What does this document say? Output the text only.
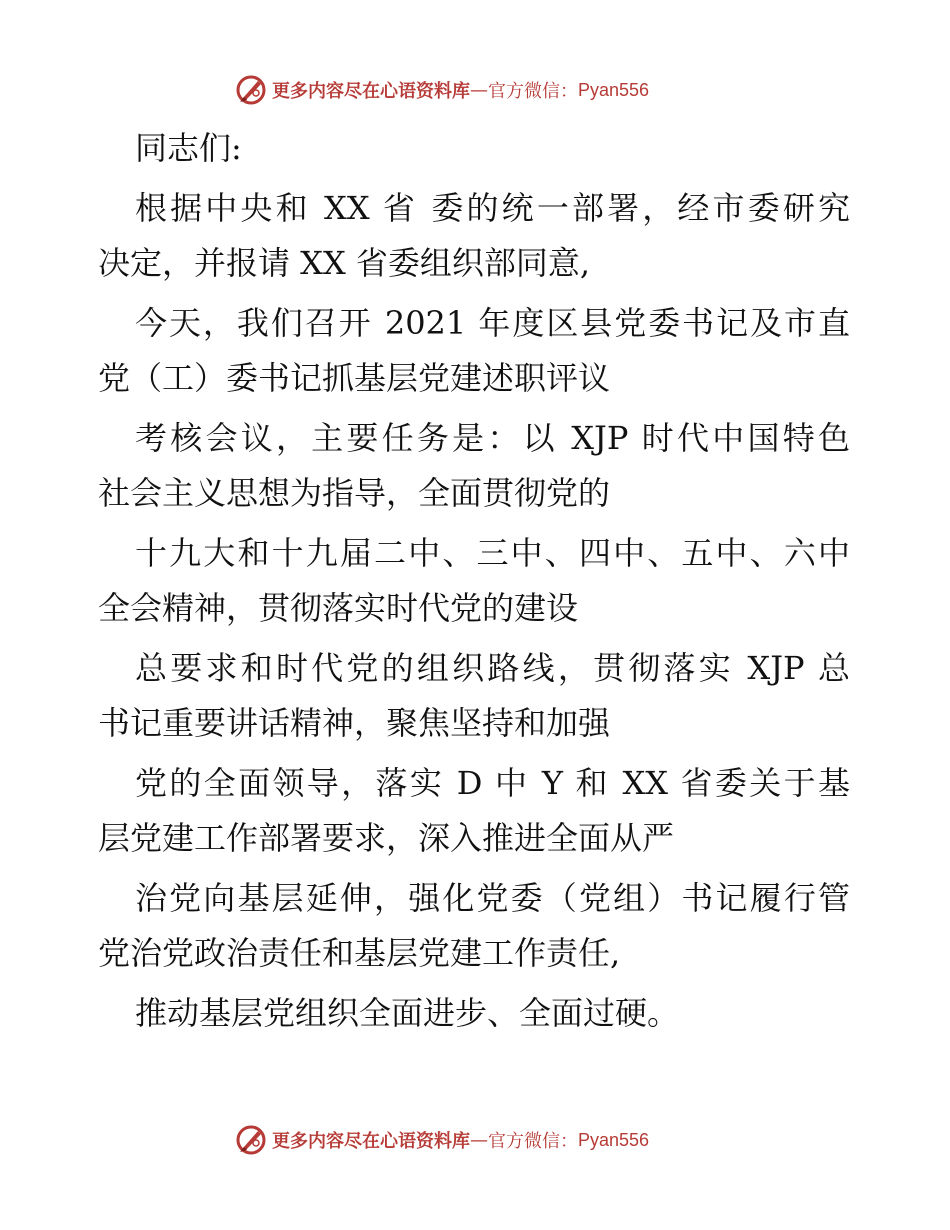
更多内容尽在心语资料库 — 官方微信： Pyan556
同志们:
根据中央和 XX 省 委的统一部署，经市委研究
决定，并报请 XX 省委组织部同意,
今天，我们召开 2021 年度区县党委书记及市直
党（工）委书记抓基层党建述职评议
考核会议，主要任务是：以 XJP 时代中国特色
社会主义思想为指导，全面贯彻党的
十九大和十九届二中、三中、四中、五中、六中
全会精神，贯彻落实时代党的建设
总要求和时代党的组织路线，贯彻落实 XJP 总
书记重要讲话精神，聚焦坚持和加强
党的全面领导，落实 D 中 Y 和 XX 省委关于基
层党建工作部署要求，深入推进全面从严
治党向基层延伸，强化党委（党组）书记履行管
党治党政治责任和基层党建工作责任,
推动基层党组织全面进步、全面过硬。
更多内容尽在心语资料库 — 官方微信： Pyan556
